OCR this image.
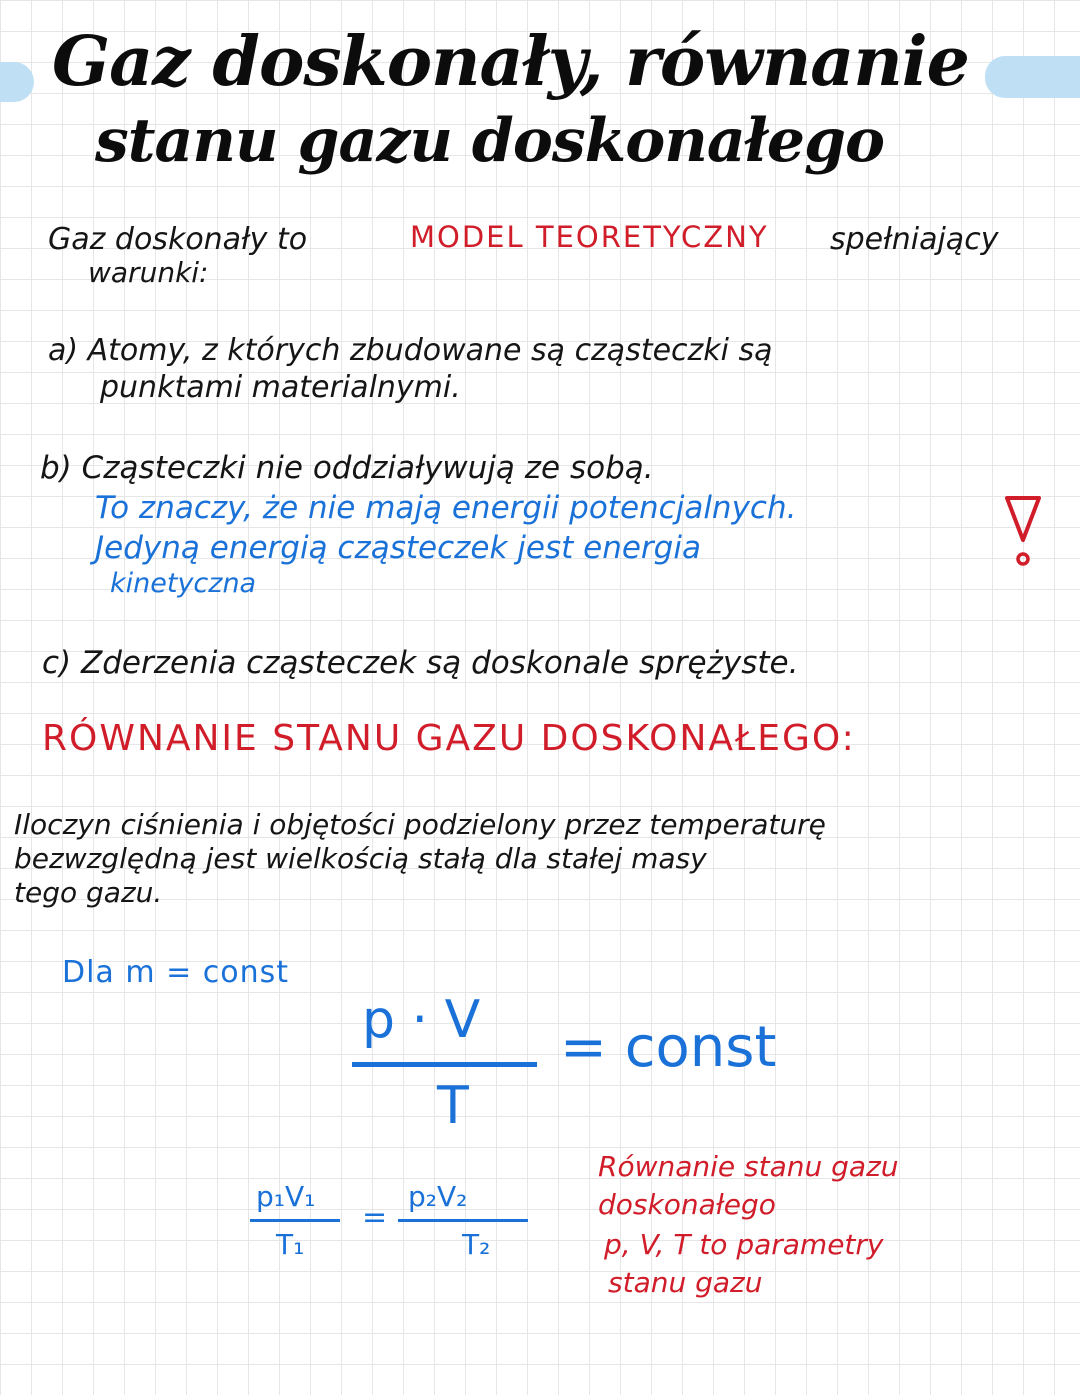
Gaz doskonały, równanie
stanu gazu doskonałego
Gaz doskonały to	MODEL TEORETYCZNY spełniający
warunki:
a) Atomy, z których zbudowane są cząsteczki są
punktami materialnymi.
b) Cząsteczki nie oddziaływują ze sobą.
To znaczy, że nie mają energii potencjalnych.
Jedyną energią cząsteczek jest energia
kinetyczna
c) Zderzenia cząsteczek są doskonale sprężyste.
RÓWNANIE STANU GAZU DOSKONAŁEGO:
Iloczyn ciśnienia i objętości podzielony przez temperaturę
bezwzględną jest wielkością stałą dla stałej masy
tego gazu.
Dla m = const
p · V
T
= const
p₁V₁
T₁
=
p₂V₂
T₂
Równanie stanu gazu
doskonałego
p, V, T to parametry
stanu gazu
